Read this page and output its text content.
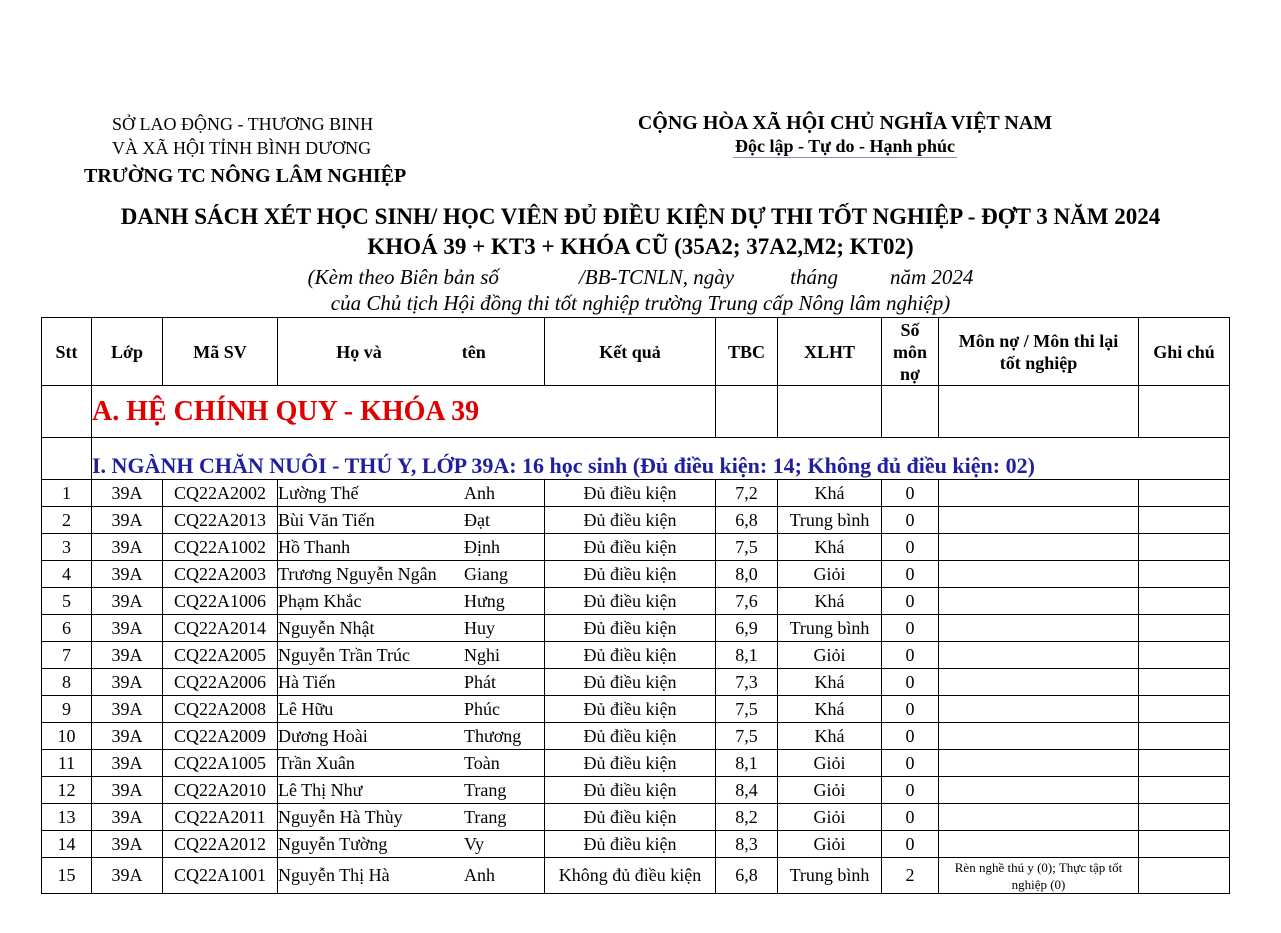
SỞ LAO ĐỘNG - THƯƠNG BINH
VÀ XÃ HỘI TỈNH BÌNH DƯƠNG
TRƯỜNG TC NÔNG LÂM NGHIỆP
CỘNG HÒA XÃ HỘI CHỦ NGHĨA VIỆT NAM
Độc lập - Tự do - Hạnh phúc
DANH SÁCH XÉT HỌC SINH/ HỌC VIÊN ĐỦ ĐIỀU KIỆN DỰ THI TỐT NGHIỆP - ĐỢT 3 NĂM 2024
KHOÁ 39 + KT3 + KHÓA CŨ (35A2; 37A2,M2; KT02)
(Kèm theo Biên bản số	/BB-TCNLN, ngày	tháng năm 2024
của Chủ tịch Hội đồng thi tốt nghiệp trường Trung cấp Nông lâm nghiệp)
Stt	Lớp	Mã SV	Họ và tên	Kết quả	TBC	XLHT	Số
môn
nợ	Môn nợ / Môn thi lại
tốt nghiệp	Ghi chú
	A. HỆ CHÍNH QUY - KHÓA 39								
	I. NGÀNH CHĂN NUÔI - THÚ Y, LỚP 39A: 16 học sinh (Đủ điều kiện: 14; Không đủ điều kiện: 02)								
1	39A	CQ22A2002	Lường Thế Anh	Đủ điều kiện	7,2	Khá	0		
2	39A	CQ22A2013	Bùi Văn Tiến Đạt	Đủ điều kiện	6,8	Trung bình	0		
3	39A	CQ22A1002	Hồ Thanh Định	Đủ điều kiện	7,5	Khá	0		
4	39A	CQ22A2003	Trương Nguyễn Ngân Giang	Đủ điều kiện	8,0	Giỏi	0		
5	39A	CQ22A1006	Phạm Khắc Hưng	Đủ điều kiện	7,6	Khá	0		
6	39A	CQ22A2014	Nguyễn Nhật Huy	Đủ điều kiện	6,9	Trung bình	0		
7	39A	CQ22A2005	Nguyễn Trần Trúc Nghi	Đủ điều kiện	8,1	Giỏi	0		
8	39A	CQ22A2006	Hà Tiến Phát	Đủ điều kiện	7,3	Khá	0		
9	39A	CQ22A2008	Lê Hữu Phúc	Đủ điều kiện	7,5	Khá	0		
10	39A	CQ22A2009	Dương Hoài Thương	Đủ điều kiện	7,5	Khá	0		
11	39A	CQ22A1005	Trần Xuân Toàn	Đủ điều kiện	8,1	Giỏi	0		
12	39A	CQ22A2010	Lê Thị Như Trang	Đủ điều kiện	8,4	Giỏi	0		
13	39A	CQ22A2011	Nguyễn Hà Thùy Trang	Đủ điều kiện	8,2	Giỏi	0		
14	39A	CQ22A2012	Nguyễn Tường Vy	Đủ điều kiện	8,3	Giỏi	0		
15	39A	CQ22A1001	Nguyễn Thị Hà Anh	Không đủ điều kiện	6,8	Trung bình	2	Rèn nghề thú y (0); Thực tập tốt nghiệp (0)	
